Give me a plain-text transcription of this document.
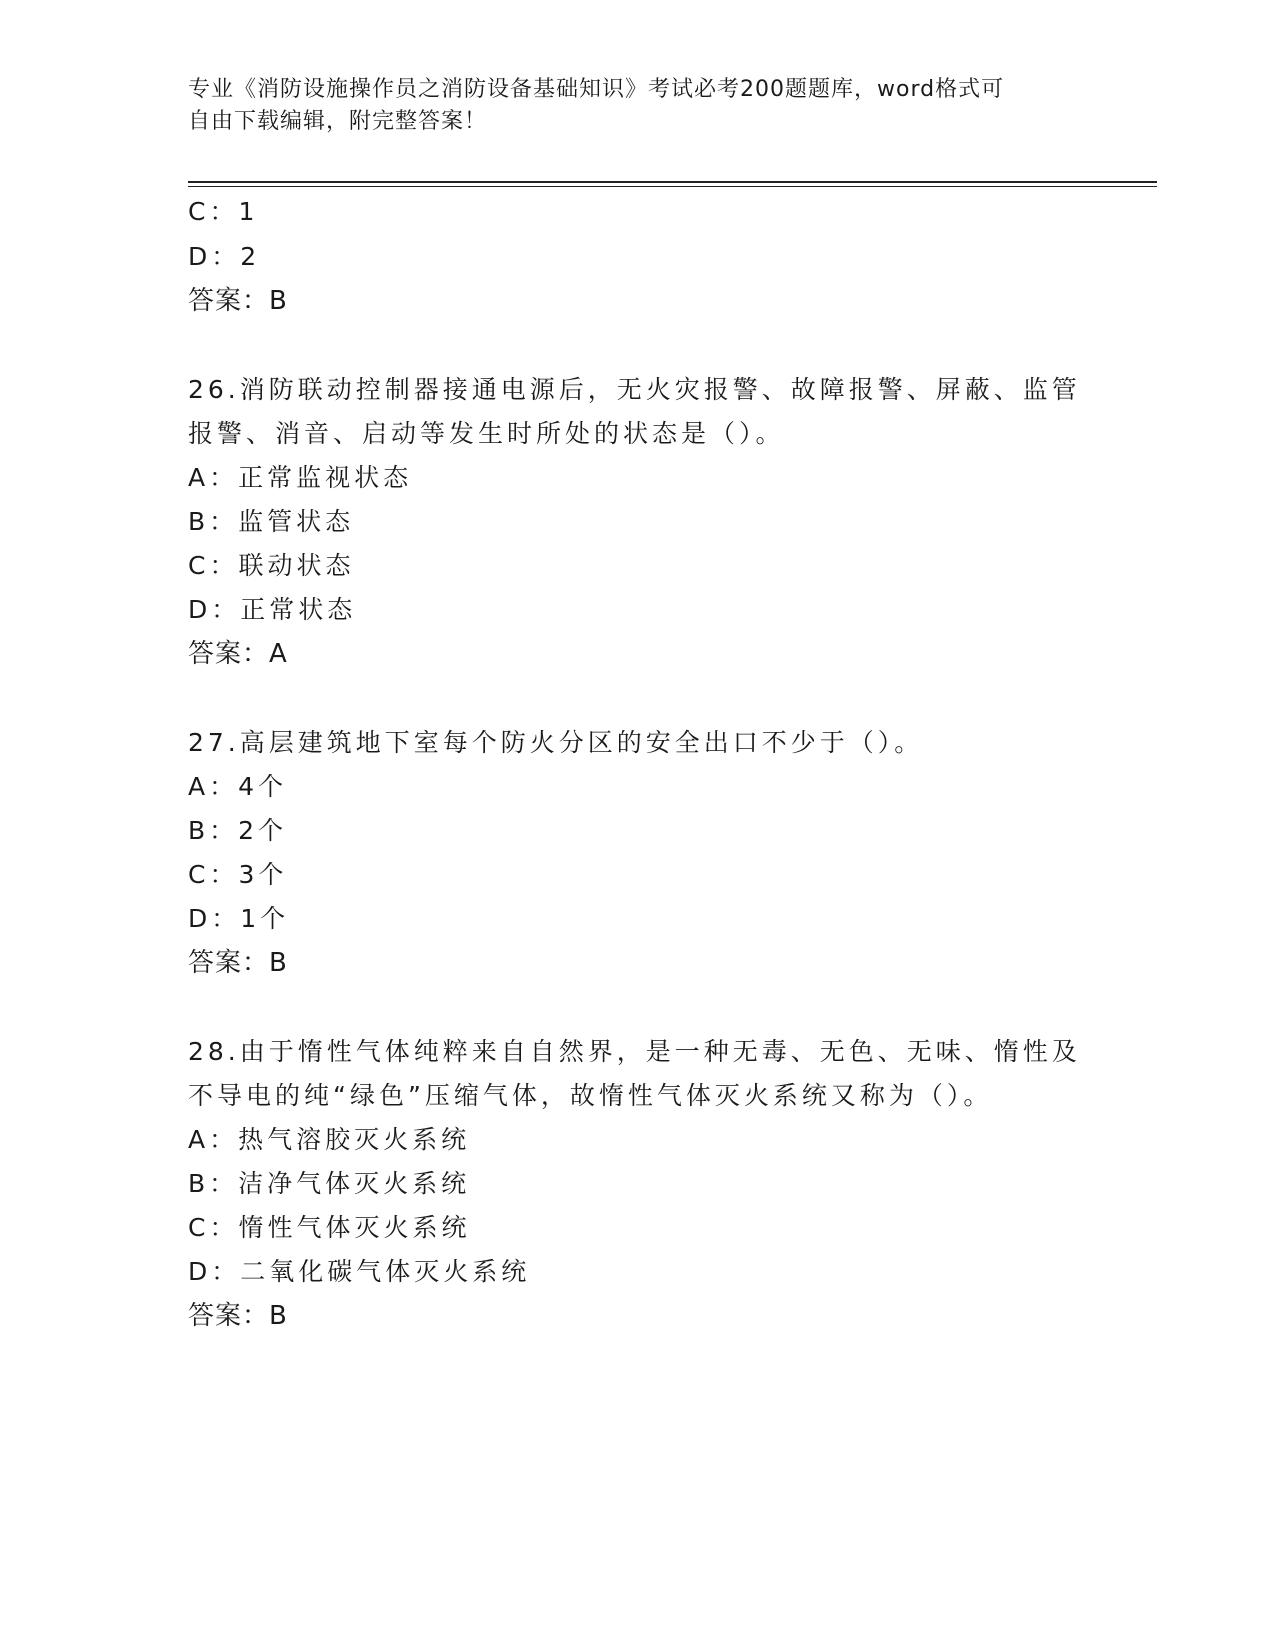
专业《消防设施操作员之消防设备基础知识》考试必考200题题库，word格式可
自由下载编辑，附完整答案！
C：1
D：2
答案：B
26.消防联动控制器接通电源后，无火灾报警、故障报警、屏蔽、监管
报警、消音、启动等发生时所处的状态是（）。
A：正常监视状态
B：监管状态
C：联动状态
D：正常状态
答案：A
27.高层建筑地下室每个防火分区的安全出口不少于（）。
A：4个
B：2个
C：3个
D：1个
答案：B
28.由于惰性气体纯粹来自自然界，是一种无毒、无色、无味、惰性及
不导电的纯“绿色”压缩气体，故惰性气体灭火系统又称为（）。
A：热气溶胶灭火系统
B：洁净气体灭火系统
C：惰性气体灭火系统
D：二氧化碳气体灭火系统
答案：B
